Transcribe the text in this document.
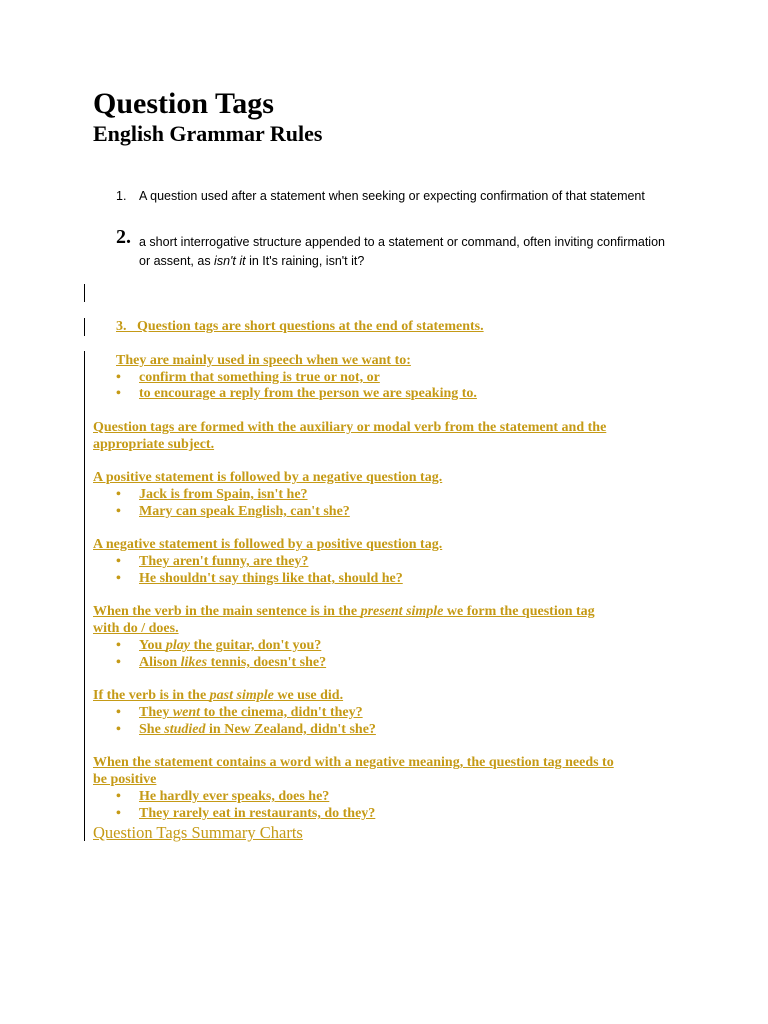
Question Tags
English Grammar Rules
1. A question used after a statement when seeking or expecting confirmation of that statement
2. a short interrogative structure appended to a statement or command, often inviting confirmation or assent, as isn't it in It's raining, isn't it?
3. Question tags are short questions at the end of statements.
They are mainly used in speech when we want to:
• confirm that something is true or not, or
• to encourage a reply from the person we are speaking to.
Question tags are formed with the auxiliary or modal verb from the statement and the
appropriate subject.
A positive statement is followed by a negative question tag.
• Jack is from Spain, isn't he?
• Mary can speak English, can't she?
A negative statement is followed by a positive question tag.
• They aren't funny, are they?
• He shouldn't say things like that, should he?
When the verb in the main sentence is in the present simple we form the question tag
with do / does.
• You play the guitar, don't you?
• Alison likes tennis, doesn't she?
If the verb is in the past simple we use did.
• They went to the cinema, didn't they?
• She studied in New Zealand, didn't she?
When the statement contains a word with a negative meaning, the question tag needs to
be positive
• He hardly ever speaks, does he?
• They rarely eat in restaurants, do they?
Question Tags Summary Charts
